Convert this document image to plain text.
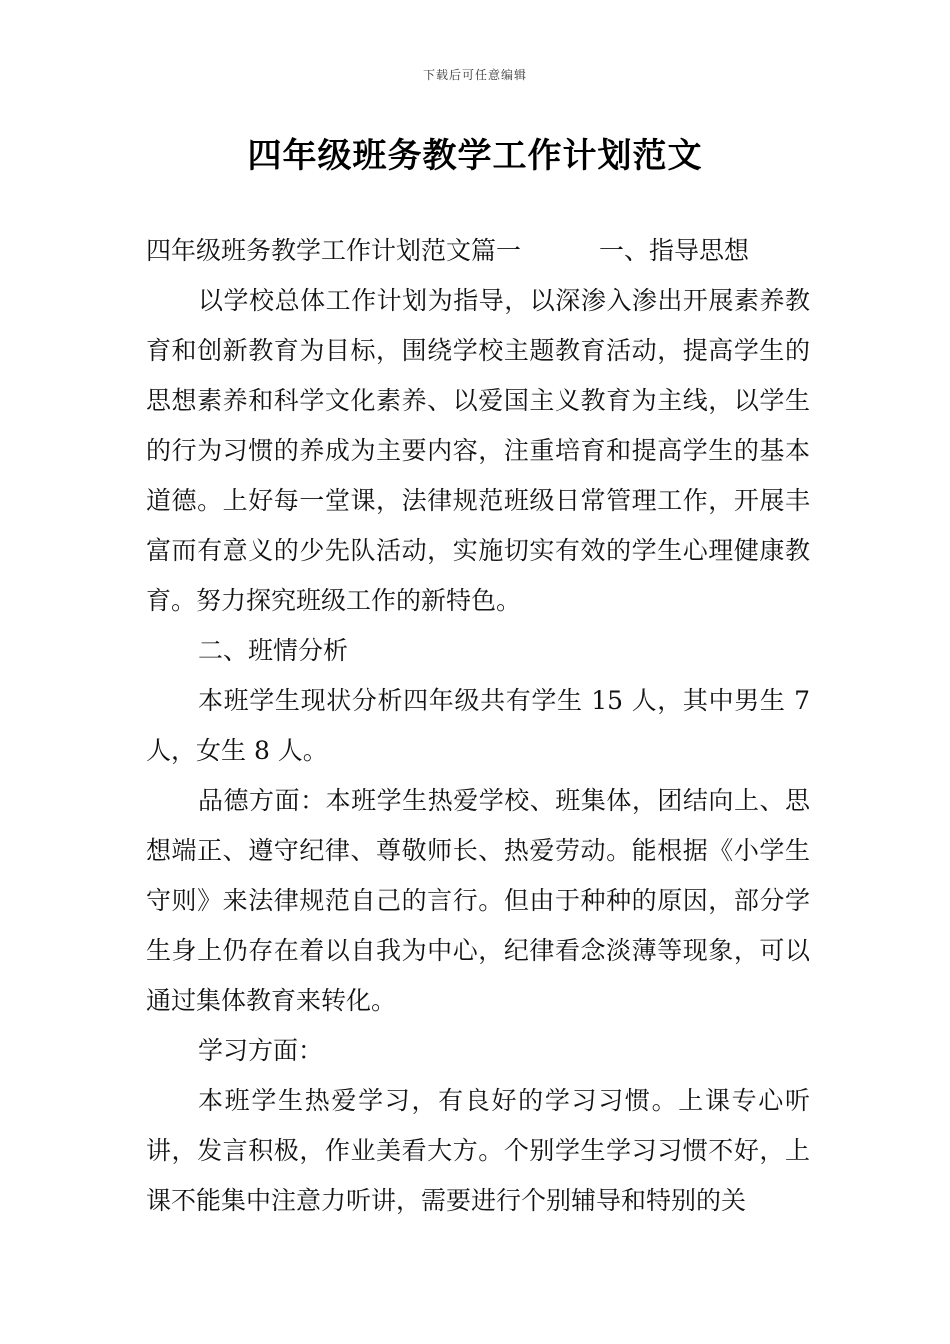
下载后可任意编辑
四年级班务教学工作计划范文

四年级班务教学工作计划范文篇一	一、指导思想

以学校总体工作计划为指导，以深渗入渗出开展素养教育和创新教育为目标，围绕学校主题教育活动，提高学生的思想素养和科学文化素养、以爱国主义教育为主线，以学生的行为习惯的养成为主要内容，注重培育和提高学生的基本道德。上好每一堂课，法律规范班级日常管理工作，开展丰富而有意义的少先队活动，实施切实有效的学生心理健康教育。努力探究班级工作的新特色。

二、班情分析

本班学生现状分析四年级共有学生 15 人，其中男生 7 人，女生 8 人。

品德方面：本班学生热爱学校、班集体，团结向上、思想端正、遵守纪律、尊敬师长、热爱劳动。能根据《小学生守则》来法律规范自己的言行。但由于种种的原因，部分学生身上仍存在着以自我为中心，纪律看念淡薄等现象，可以通过集体教育来转化。

学习方面：

本班学生热爱学习，有良好的学习习惯。上课专心听讲，发言积极，作业美看大方。个别学生学习习惯不好，上课不能集中注意力听讲，需要进行个别辅导和特别的关
